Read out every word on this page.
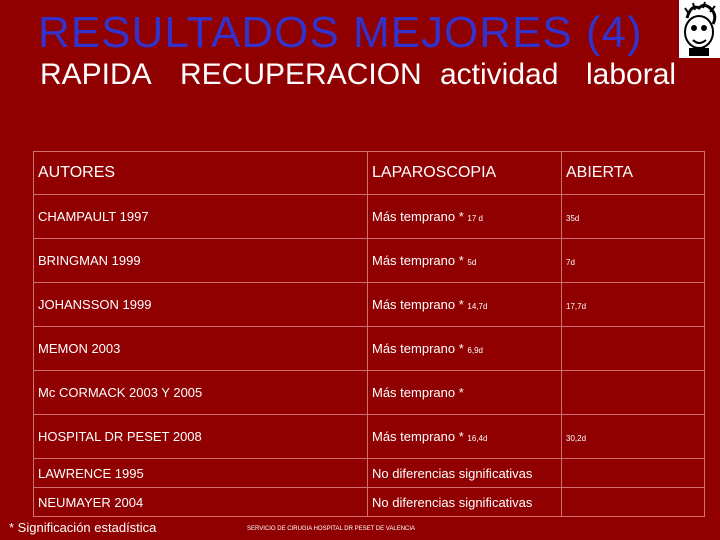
RESULTADOS MEJORES (4)
RAPIDA RECUPERACION actividad laboral
AUTORES	LAPAROSCOPIA	ABIERTA
CHAMPAULT 1997	Más temprano * 17 d	35d
BRINGMAN 1999	Más temprano * 5d	7d
JOHANSSON 1999	Más temprano * 14,7d	17,7d
MEMON 2003	Más temprano * 6,9d	
Mc CORMACK 2003 Y 2005	Más temprano *	
HOSPITAL DR PESET 2008	Más temprano * 16,4d	30,2d
LAWRENCE 1995	No diferencias significativas	
NEUMAYER 2004	No diferencias significativas	
* Significación estadística	SERVICIO DE CIRUGIA HOSPITAL DR PESET DE VALENCIA
